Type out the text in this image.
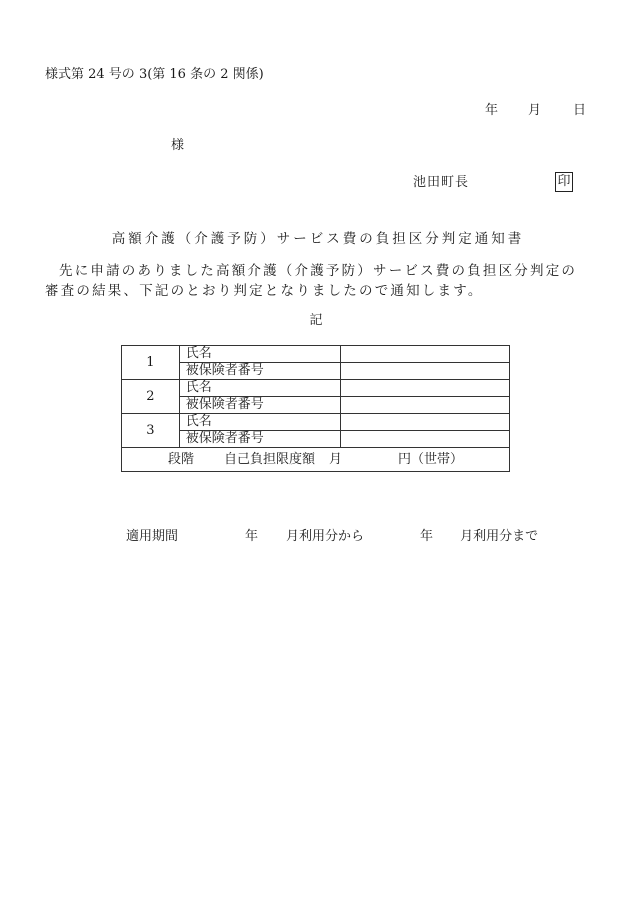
様式第 24 号の 3(第 16 条の 2 関係)
年 月 日
様
池田町長	印
高額介護（介護予防）サービス費の負担区分判定通知書
先に申請のありました高額介護（介護予防）サービス費の負担区分判定の審査の結果、下記のとおり判定となりましたので通知します。
記
1	氏名	
	被保険者番号	
2	氏名	
	被保険者番号	
3	氏名	
	被保険者番号	
段階 自己負担限度額 月 円（世帯）		
適用期間	年 月利用分から	年 月利用分まで
